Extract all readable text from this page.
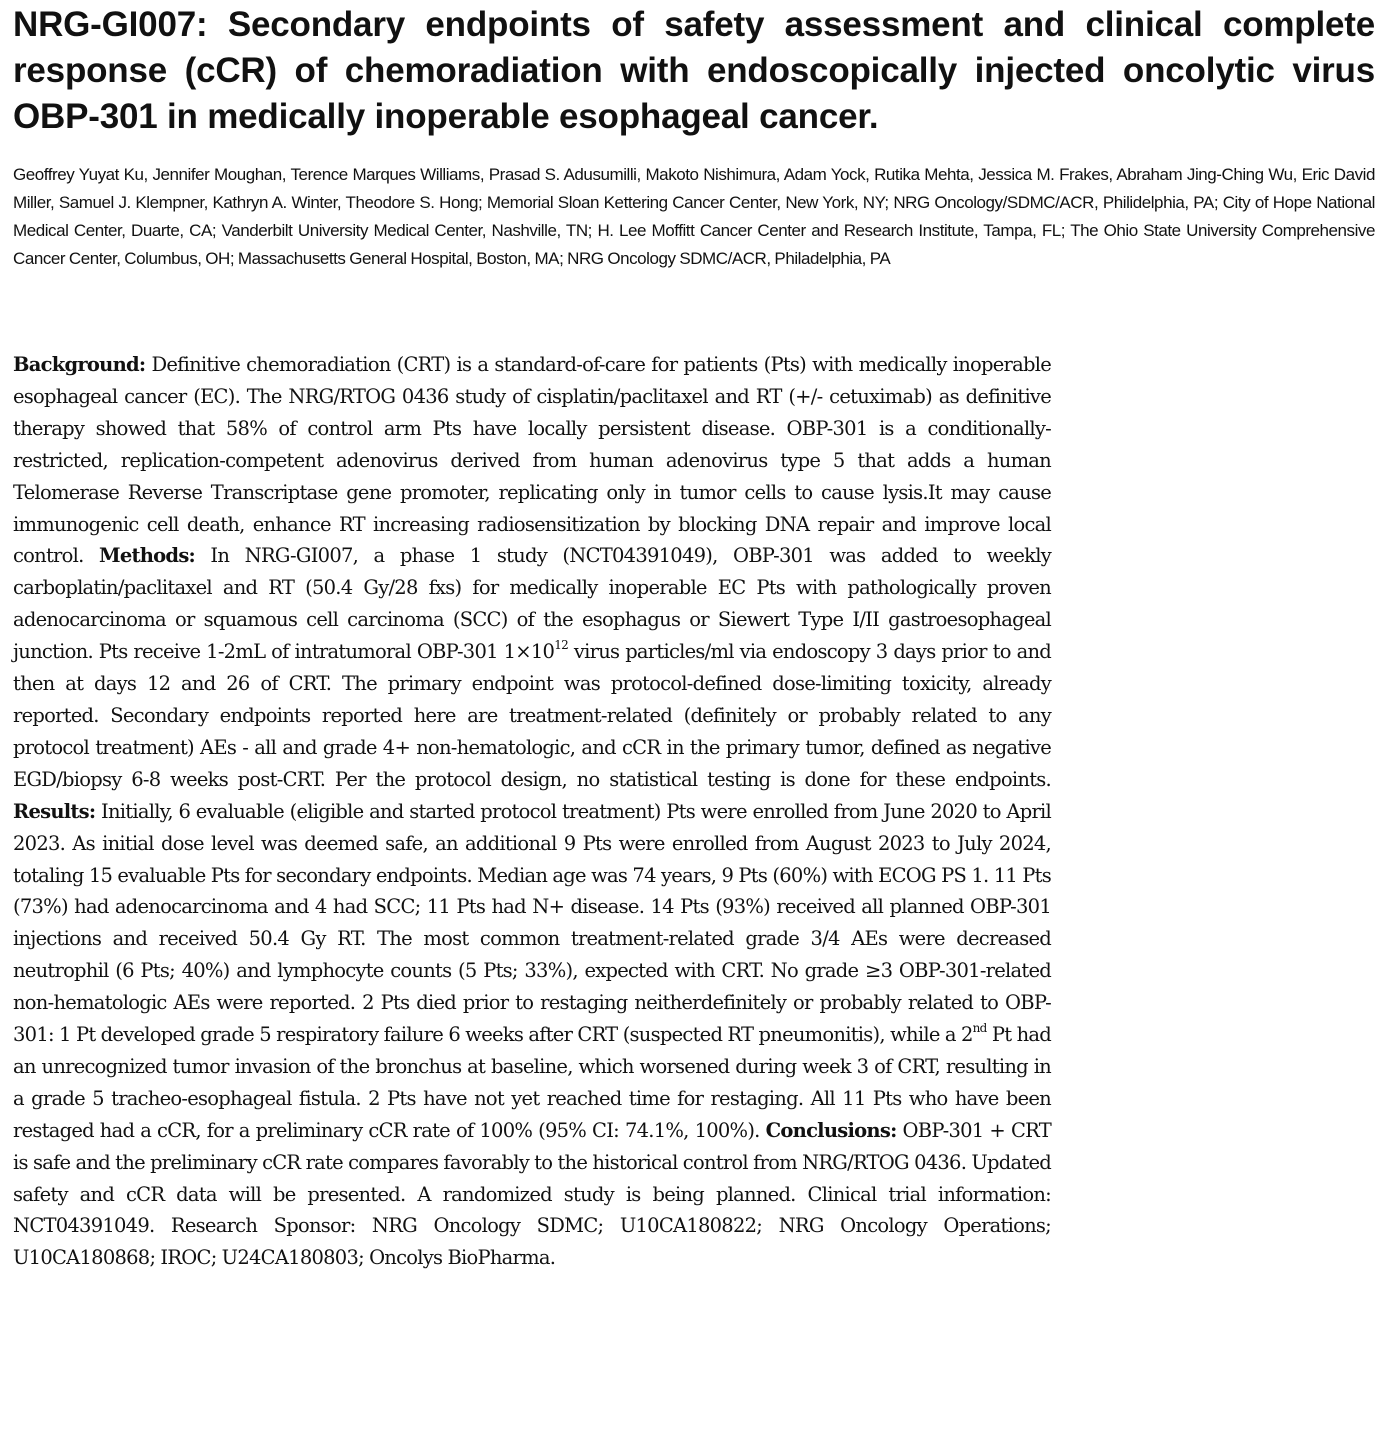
NRG-GI007: Secondary endpoints of safety assessment and clinical complete response (cCR) of chemoradiation with endoscopically injected oncolytic virus OBP-301 in medically inoperable esophageal cancer.

Geoffrey Yuyat Ku, Jennifer Moughan, Terence Marques Williams, Prasad S. Adusumilli, Makoto Nishimura, Adam Yock, Rutika Mehta, Jessica M. Frakes, Abraham Jing-Ching Wu, Eric David Miller, Samuel J. Klempner, Kathryn A. Winter, Theodore S. Hong; Memorial Sloan Kettering Cancer Center, New York, NY; NRG Oncology/SDMC/ACR, Philidelphia, PA; City of Hope National Medical Center, Duarte, CA; Vanderbilt University Medical Center, Nashville, TN; H. Lee Moffitt Cancer Center and Research Institute, Tampa, FL; The Ohio State University Comprehensive Cancer Center, Columbus, OH; Massachusetts General Hospital, Boston, MA; NRG Oncology SDMC/ACR, Philadelphia, PA

Background: Definitive chemoradiation (CRT) is a standard-of-care for patients (Pts) with medically inoperable esophageal cancer (EC). The NRG/RTOG 0436 study of cisplatin/paclitaxel and RT (+/- cetuximab) as definitive therapy showed that 58% of control arm Pts have locally persistent disease. OBP-301 is a conditionally-restricted, replication-competent adenovirus derived from human adenovirus type 5 that adds a human Telomerase Reverse Transcriptase gene promoter, replicating only in tumor cells to cause lysis.It may cause immunogenic cell death, enhance RT increasing radiosensitization by blocking DNA repair and improve local control. Methods: In NRG-GI007, a phase 1 study (NCT04391049), OBP-301 was added to weekly carboplatin/paclitaxel and RT (50.4 Gy/28 fxs) for medically inoperable EC Pts with pathologically proven adenocarcinoma or squamous cell carcinoma (SCC) of the esophagus or Siewert Type I/II gastroesophageal junction. Pts receive 1-2mL of intratumoral OBP-301 $1\times 10^{12}$ virus particles/ml via endoscopy 3 days prior to and then at days 12 and 26 of CRT. The primary endpoint was protocol-defined dose-limiting toxicity, already reported. Secondary endpoints reported here are treatment-related (definitely or probably related to any protocol treatment) AEs - all and grade 4+ non-hematologic, and cCR in the primary tumor, defined as negative EGD/biopsy 6-8 weeks post-CRT. Per the protocol design, no statistical testing is done for these endpoints. Results: Initially, 6 evaluable (eligible and started protocol treatment) Pts were enrolled from June 2020 to April 2023. As initial dose level was deemed safe, an additional 9 Pts were enrolled from August 2023 to July 2024, totaling 15 evaluable Pts for secondary endpoints. Median age was 74 years, 9 Pts (60%) with ECOG PS 1. 11 Pts (73%) had adenocarcinoma and 4 had SCC; 11 Pts had N+ disease. 14 Pts (93%) received all planned OBP-301 injections and received 50.4 Gy RT. The most common treatment-related grade 3/4 AEs were decreased neutrophil (6 Pts; 40%) and lymphocyte counts (5 Pts; 33%), expected with CRT. No grade ≥3 OBP-301-related non-hematologic AEs were reported. 2 Pts died prior to restaging neitherdefinitely or probably related to OBP-301: 1 Pt developed grade 5 respiratory failure 6 weeks after CRT (suspected RT pneumonitis), while a 2nd Pt had an unrecognized tumor invasion of the bronchus at baseline, which worsened during week 3 of CRT, resulting in a grade 5 tracheo-esophageal fistula. 2 Pts have not yet reached time for restaging. All 11 Pts who have been restaged had a cCR, for a preliminary cCR rate of 100% (95% CI: 74.1%, 100%). Conclusions: OBP-301 + CRT is safe and the preliminary cCR rate compares favorably to the historical control from NRG/RTOG 0436. Updated safety and cCR data will be presented. A randomized study is being planned. Clinical trial information: NCT04391049. Research Sponsor: NRG Oncology SDMC; U10CA180822; NRG Oncology Operations; U10CA180868; IROC; U24CA180803; Oncolys BioPharma.
